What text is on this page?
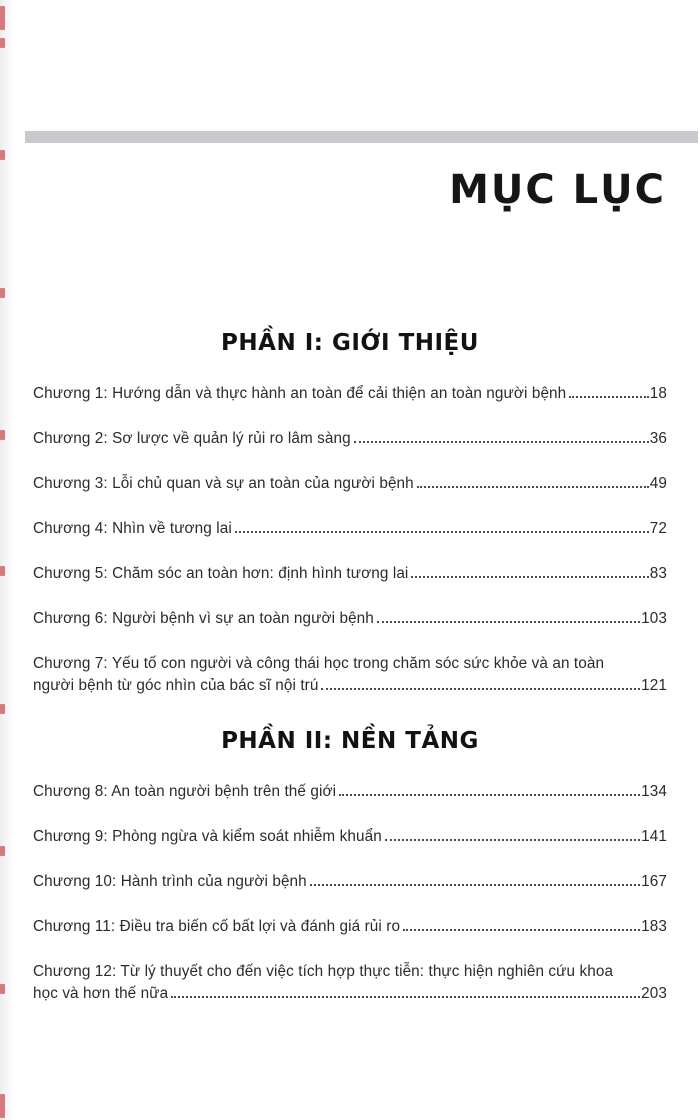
MỤC LỤC
PHẦN I: GIỚI THIỆU
Chương 1: Hướng dẫn và thực hành an toàn để cải thiện an toàn người bệnh	18
Chương 2: Sơ lược về quản lý rủi ro lâm sàng	36
Chương 3: Lỗi chủ quan và sự an toàn của người bệnh	49
Chương 4: Nhìn về tương lai	72
Chương 5: Chăm sóc an toàn hơn: định hình tương lai	83
Chương 6: Người bệnh vì sự an toàn người bệnh	103
Chương 7: Yếu tố con người và công thái học trong chăm sóc sức khỏe và an toàn
người bệnh từ góc nhìn của bác sĩ nội trú	121
PHẦN II: NỀN TẢNG
Chương 8: An toàn người bệnh trên thế giới	134
Chương 9: Phòng ngừa và kiểm soát nhiễm khuẩn	141
Chương 10: Hành trình của người bệnh	167
Chương 11: Điều tra biến cố bất lợi và đánh giá rủi ro	183
Chương 12: Từ lý thuyết cho đến việc tích hợp thực tiễn: thực hiện nghiên cứu khoa
học và hơn thế nữa	203
